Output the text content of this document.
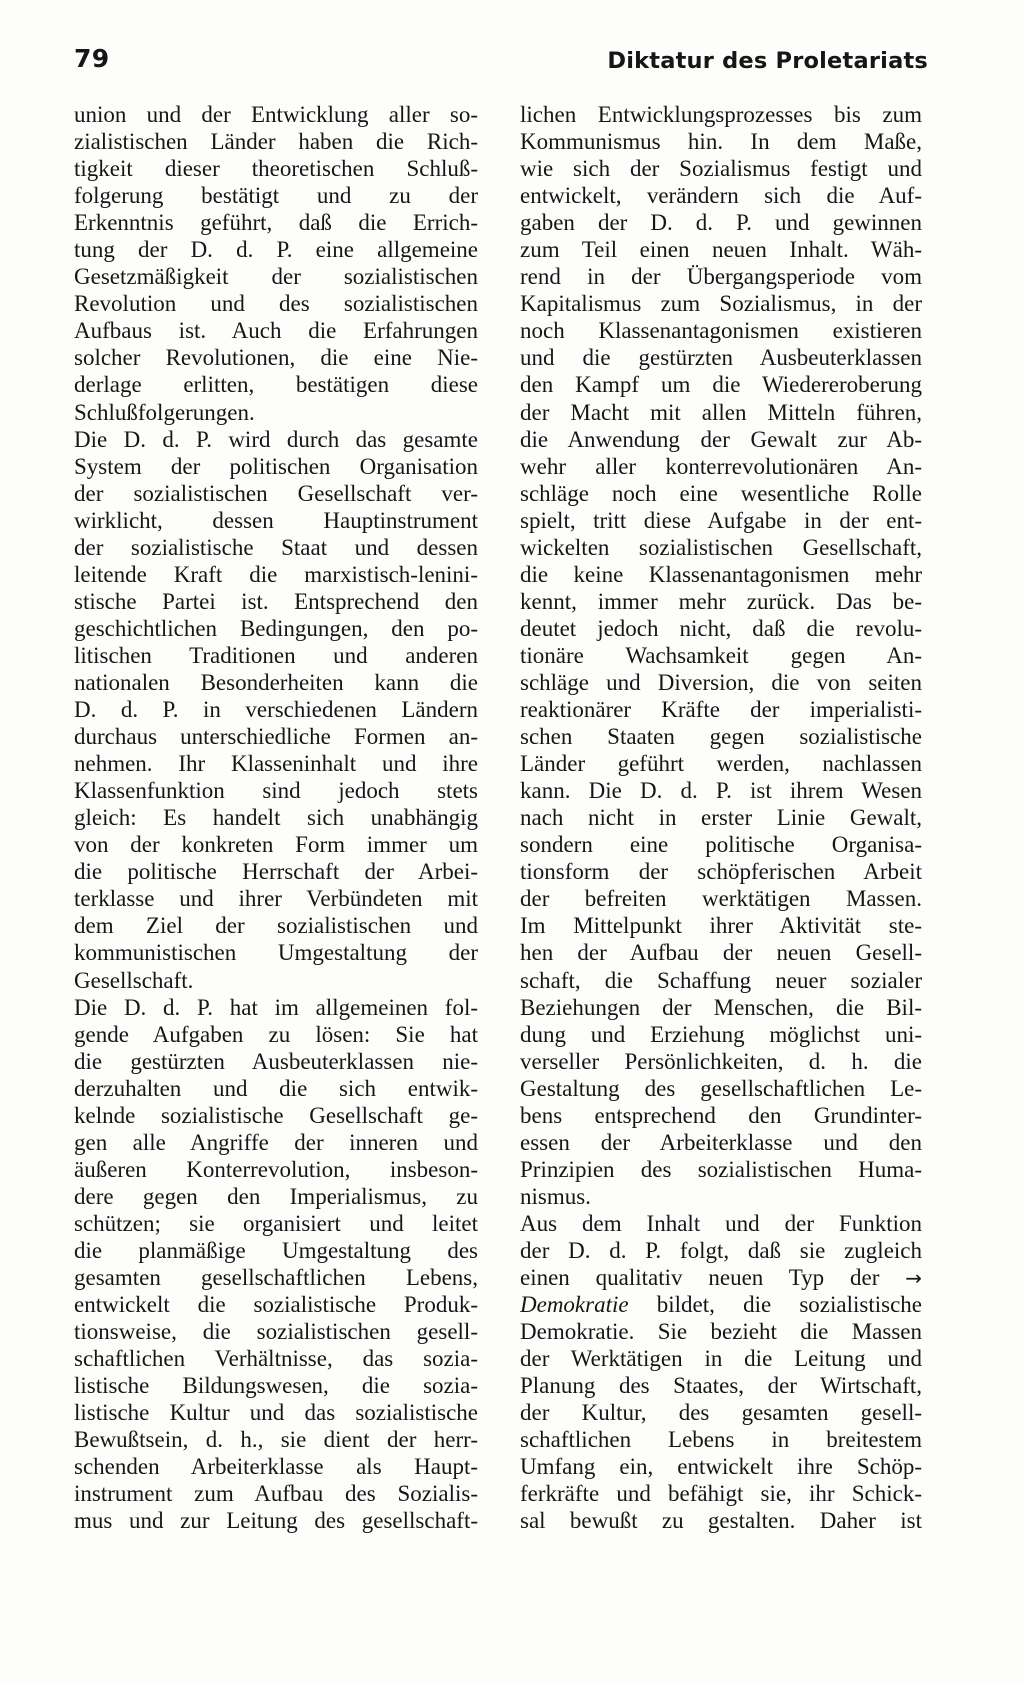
79	Diktatur des Proletariats
union und der Entwicklung aller so-
zialistischen Länder haben die Rich-
tigkeit dieser theoretischen Schluß-
folgerung bestätigt und zu der
Erkenntnis geführt, daß die Errich-
tung der D. d. P. eine allgemeine
Gesetzmäßigkeit der sozialistischen
Revolution und des sozialistischen
Aufbaus ist. Auch die Erfahrungen
solcher Revolutionen, die eine Nie-
derlage erlitten, bestätigen diese
Schlußfolgerungen.
Die D. d. P. wird durch das gesamte
System der politischen Organisation
der sozialistischen Gesellschaft ver-
wirklicht, dessen Hauptinstrument
der sozialistische Staat und dessen
leitende Kraft die marxistisch-lenini-
stische Partei ist. Entsprechend den
geschichtlichen Bedingungen, den po-
litischen Traditionen und anderen
nationalen Besonderheiten kann die
D. d. P. in verschiedenen Ländern
durchaus unterschiedliche Formen an-
nehmen. Ihr Klasseninhalt und ihre
Klassenfunktion sind jedoch stets
gleich: Es handelt sich unabhängig
von der konkreten Form immer um
die politische Herrschaft der Arbei-
terklasse und ihrer Verbündeten mit
dem Ziel der sozialistischen und
kommunistischen Umgestaltung der
Gesellschaft.
Die D. d. P. hat im allgemeinen fol-
gende Aufgaben zu lösen: Sie hat
die gestürzten Ausbeuterklassen nie-
derzuhalten und die sich entwik-
kelnde sozialistische Gesellschaft ge-
gen alle Angriffe der inneren und
äußeren Konterrevolution, insbeson-
dere gegen den Imperialismus, zu
schützen; sie organisiert und leitet
die planmäßige Umgestaltung des
gesamten gesellschaftlichen Lebens,
entwickelt die sozialistische Produk-
tionsweise, die sozialistischen gesell-
schaftlichen Verhältnisse, das sozia-
listische Bildungswesen, die sozia-
listische Kultur und das sozialistische
Bewußtsein, d. h., sie dient der herr-
schenden Arbeiterklasse als Haupt-
instrument zum Aufbau des Sozialis-
mus und zur Leitung des gesellschaft-
lichen Entwicklungsprozesses bis zum
Kommunismus hin. In dem Maße,
wie sich der Sozialismus festigt und
entwickelt, verändern sich die Auf-
gaben der D. d. P. und gewinnen
zum Teil einen neuen Inhalt. Wäh-
rend in der Übergangsperiode vom
Kapitalismus zum Sozialismus, in der
noch Klassenantagonismen existieren
und die gestürzten Ausbeuterklassen
den Kampf um die Wiedereroberung
der Macht mit allen Mitteln führen,
die Anwendung der Gewalt zur Ab-
wehr aller konterrevolutionären An-
schläge noch eine wesentliche Rolle
spielt, tritt diese Aufgabe in der ent-
wickelten sozialistischen Gesellschaft,
die keine Klassenantagonismen mehr
kennt, immer mehr zurück. Das be-
deutet jedoch nicht, daß die revolu-
tionäre Wachsamkeit gegen An-
schläge und Diversion, die von seiten
reaktionärer Kräfte der imperialisti-
schen Staaten gegen sozialistische
Länder geführt werden, nachlassen
kann. Die D. d. P. ist ihrem Wesen
nach nicht in erster Linie Gewalt,
sondern eine politische Organisa-
tionsform der schöpferischen Arbeit
der befreiten werktätigen Massen.
Im Mittelpunkt ihrer Aktivität ste-
hen der Aufbau der neuen Gesell-
schaft, die Schaffung neuer sozialer
Beziehungen der Menschen, die Bil-
dung und Erziehung möglichst uni-
verseller Persönlichkeiten, d. h. die
Gestaltung des gesellschaftlichen Le-
bens entsprechend den Grundinter-
essen der Arbeiterklasse und den
Prinzipien des sozialistischen Huma-
nismus.
Aus dem Inhalt und der Funktion
der D. d. P. folgt, daß sie zugleich
einen qualitativ neuen Typ der →
Demokratie bildet, die sozialistische
Demokratie. Sie bezieht die Massen
der Werktätigen in die Leitung und
Planung des Staates, der Wirtschaft,
der Kultur, des gesamten gesell-
schaftlichen Lebens in breitestem
Umfang ein, entwickelt ihre Schöp-
ferkräfte und befähigt sie, ihr Schick-
sal bewußt zu gestalten. Daher ist
